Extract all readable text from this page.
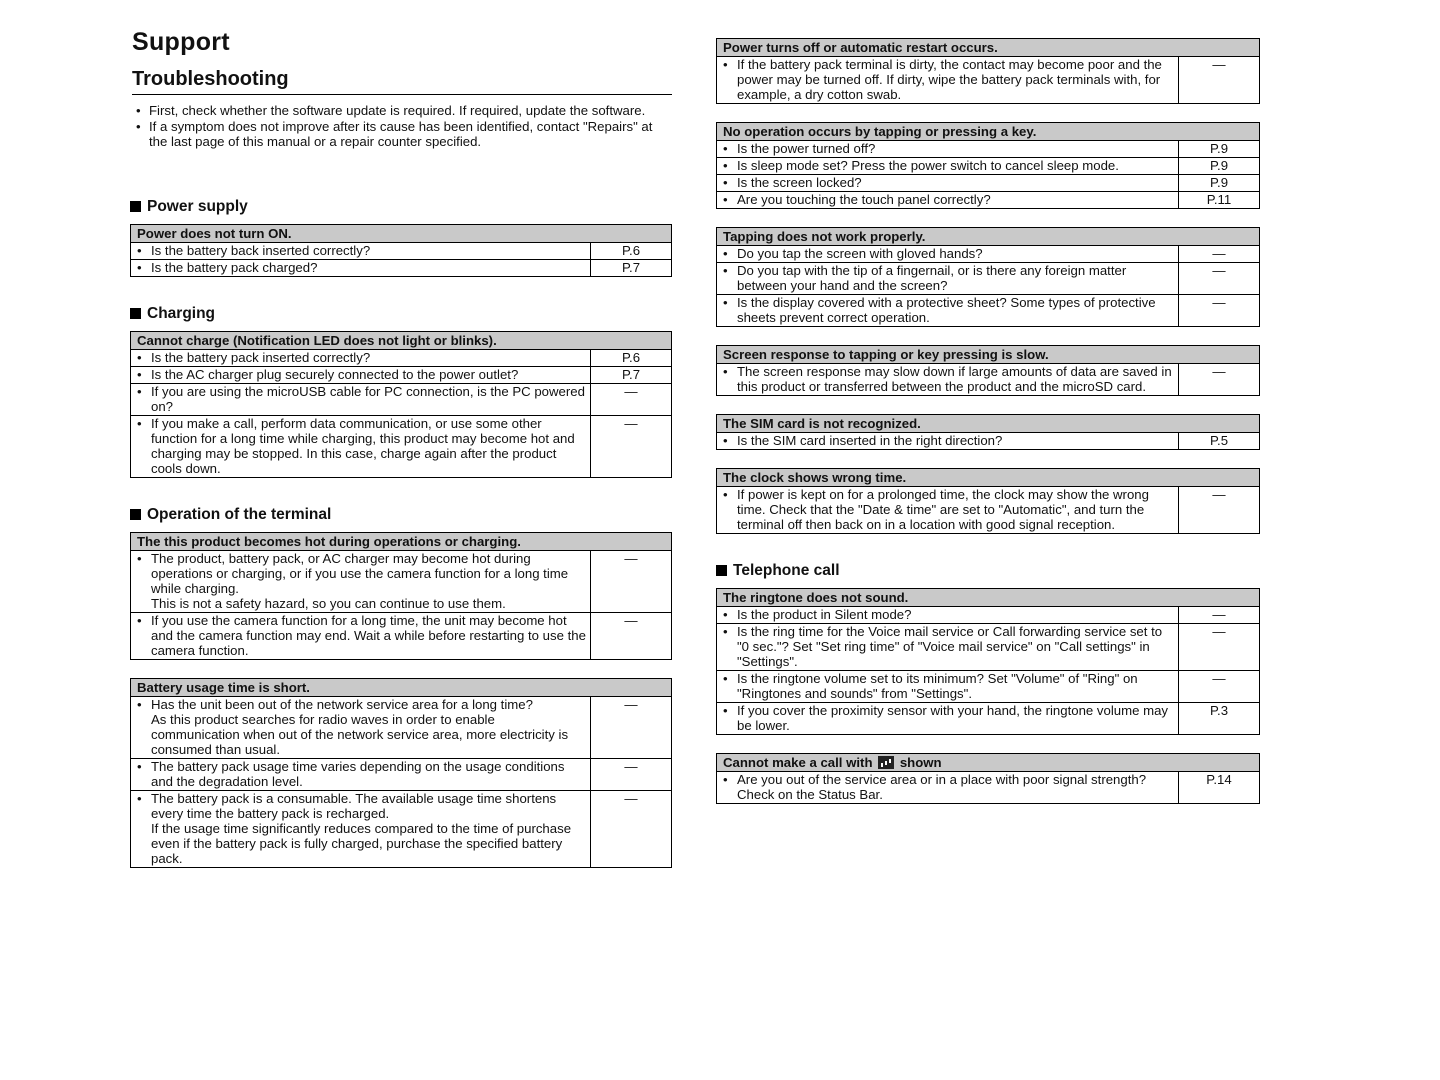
Support
Troubleshooting
• First, check whether the software update is required. If required, update the software.
• If a symptom does not improve after its cause has been identified, contact "Repairs" at the last page of this manual or a repair counter specified.
Power supply
Power does not turn ON.	
• Is the battery back inserted correctly?	P.6
• Is the battery pack charged?	P.7
Charging
Cannot charge (Notification LED does not light or blinks).	
• Is the battery pack inserted correctly?	P.6
• Is the AC charger plug securely connected to the power outlet?	P.7
• If you are using the microUSB cable for PC connection, is the PC powered on?	—
• If you make a call, perform data communication, or use some other function for a long time while charging, this product may become hot and charging may be stopped. In this case, charge again after the product cools down.	—
Operation of the terminal
The this product becomes hot during operations or charging.	
• The product, battery pack, or AC charger may become hot during operations or charging, or if you use the camera function for a long time while charging.
This is not a safety hazard, so you can continue to use them.	—
• If you use the camera function for a long time, the unit may become hot and the camera function may end. Wait a while before restarting to use the camera function.	—
Battery usage time is short.	
• Has the unit been out of the network service area for a long time?
As this product searches for radio waves in order to enable communication when out of the network service area, more electricity is consumed than usual.	—
• The battery pack usage time varies depending on the usage conditions and the degradation level.	—
• The battery pack is a consumable. The available usage time shortens every time the battery pack is recharged.
If the usage time significantly reduces compared to the time of purchase even if the battery pack is fully charged, purchase the specified battery pack.	—
Power turns off or automatic restart occurs.
• If the battery pack terminal is dirty, the contact may become poor and the power may be turned off. If dirty, wipe the battery pack terminals with, for example, a dry cotton swab.	—
No operation occurs by tapping or pressing a key.	
• Is the power turned off?	P.9
• Is sleep mode set? Press the power switch to cancel sleep mode.	P.9
• Is the screen locked?	P.9
• Are you touching the touch panel correctly?	P.11
Tapping does not work properly.	
• Do you tap the screen with gloved hands?	—
• Do you tap with the tip of a fingernail, or is there any foreign matter between your hand and the screen?	—
• Is the display covered with a protective sheet? Some types of protective sheets prevent correct operation.	—
Screen response to tapping or key pressing is slow.
• The screen response may slow down if large amounts of data are saved in this product or transferred between the product and the microSD card.	—
The SIM card is not recognized.
• Is the SIM card inserted in the right direction?	P.5
The clock shows wrong time.
• If power is kept on for a prolonged time, the clock may show the wrong time. Check that the "Date & time" are set to "Automatic", and turn the terminal off then back on in a location with good signal reception.	—
Telephone call
The ringtone does not sound.	
• Is the product in Silent mode?	—
• Is the ring time for the Voice mail service or Call forwarding service set to "0 sec."? Set "Set ring time" of "Voice mail service" on "Call settings" in "Settings".	—
• Is the ringtone volume set to its minimum? Set "Volume" of "Ring" on "Ringtones and sounds" from "Settings".	—
• If you cover the proximity sensor with your hand, the ringtone volume may be lower.	P.3
Cannot make a call with shown
• Are you out of the service area or in a place with poor signal strength? Check on the Status Bar.	P.14
